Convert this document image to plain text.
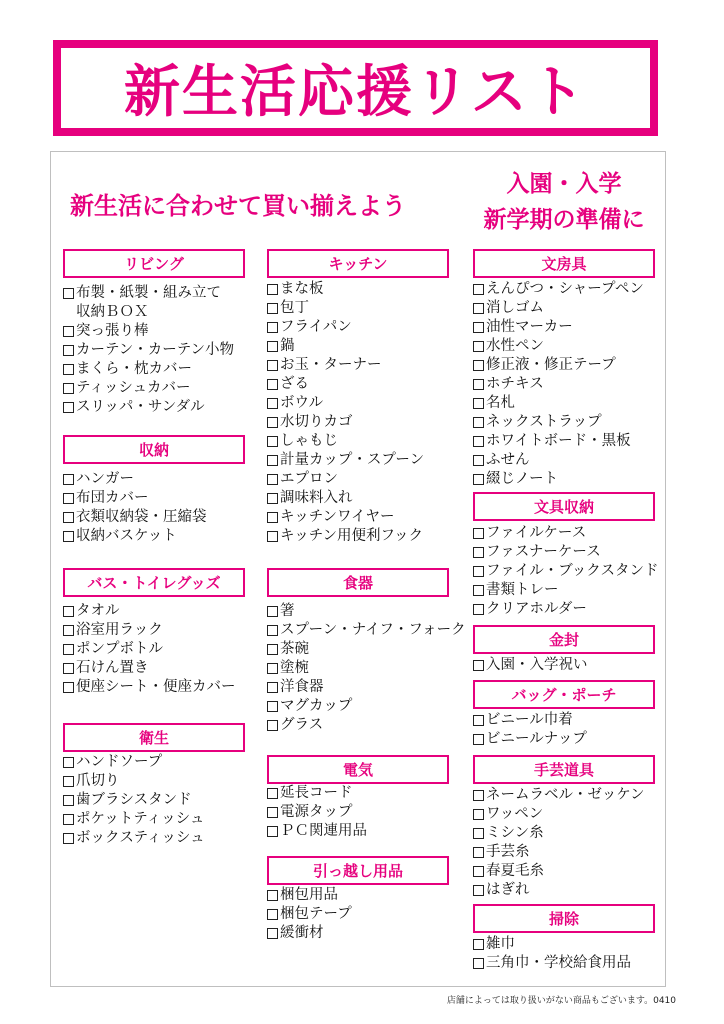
新生活応援リスト
新生活に合わせて買い揃えよう
入園・入学
新学期の準備に
リビング
布製・紙製・組み立て
収納ＢＯＸ
突っ張り棒
カーテン・カーテン小物
まくら・枕カバー
ティッシュカバー
スリッパ・サンダル
収納
ハンガー
布団カバー
衣類収納袋・圧縮袋
収納バスケット
バス・トイレグッズ
タオル
浴室用ラック
ポンプボトル
石けん置き
便座シート・便座カバー
衛生
ハンドソープ
爪切り
歯ブラシスタンド
ポケットティッシュ
ボックスティッシュ
キッチン
まな板
包丁
フライパン
鍋
お玉・ターナー
ざる
ボウル
水切りカゴ
しゃもじ
計量カップ・スプーン
エプロン
調味料入れ
キッチンワイヤー
キッチン用便利フック
食器
箸
スプーン・ナイフ・フォーク
茶碗
塗椀
洋食器
マグカップ
グラス
電気
延長コード
電源タップ
ＰＣ関連用品
引っ越し用品
梱包用品
梱包テープ
緩衝材
文房具
えんぴつ・シャープペン
消しゴム
油性マーカー
水性ペン
修正液・修正テープ
ホチキス
名札
ネックストラップ
ホワイトボード・黒板
ふせん
綴じノート
文具収納
ファイルケース
ファスナーケース
ファイル・ブックスタンド
書類トレー
クリアホルダー
金封
入園・入学祝い
バッグ・ポーチ
ビニール巾着
ビニールナップ
手芸道具
ネームラベル・ゼッケン
ワッペン
ミシン糸
手芸糸
春夏毛糸
はぎれ
掃除
雑巾
三角巾・学校給食用品
店舗によっては取り扱いがない商品もございます。0410
